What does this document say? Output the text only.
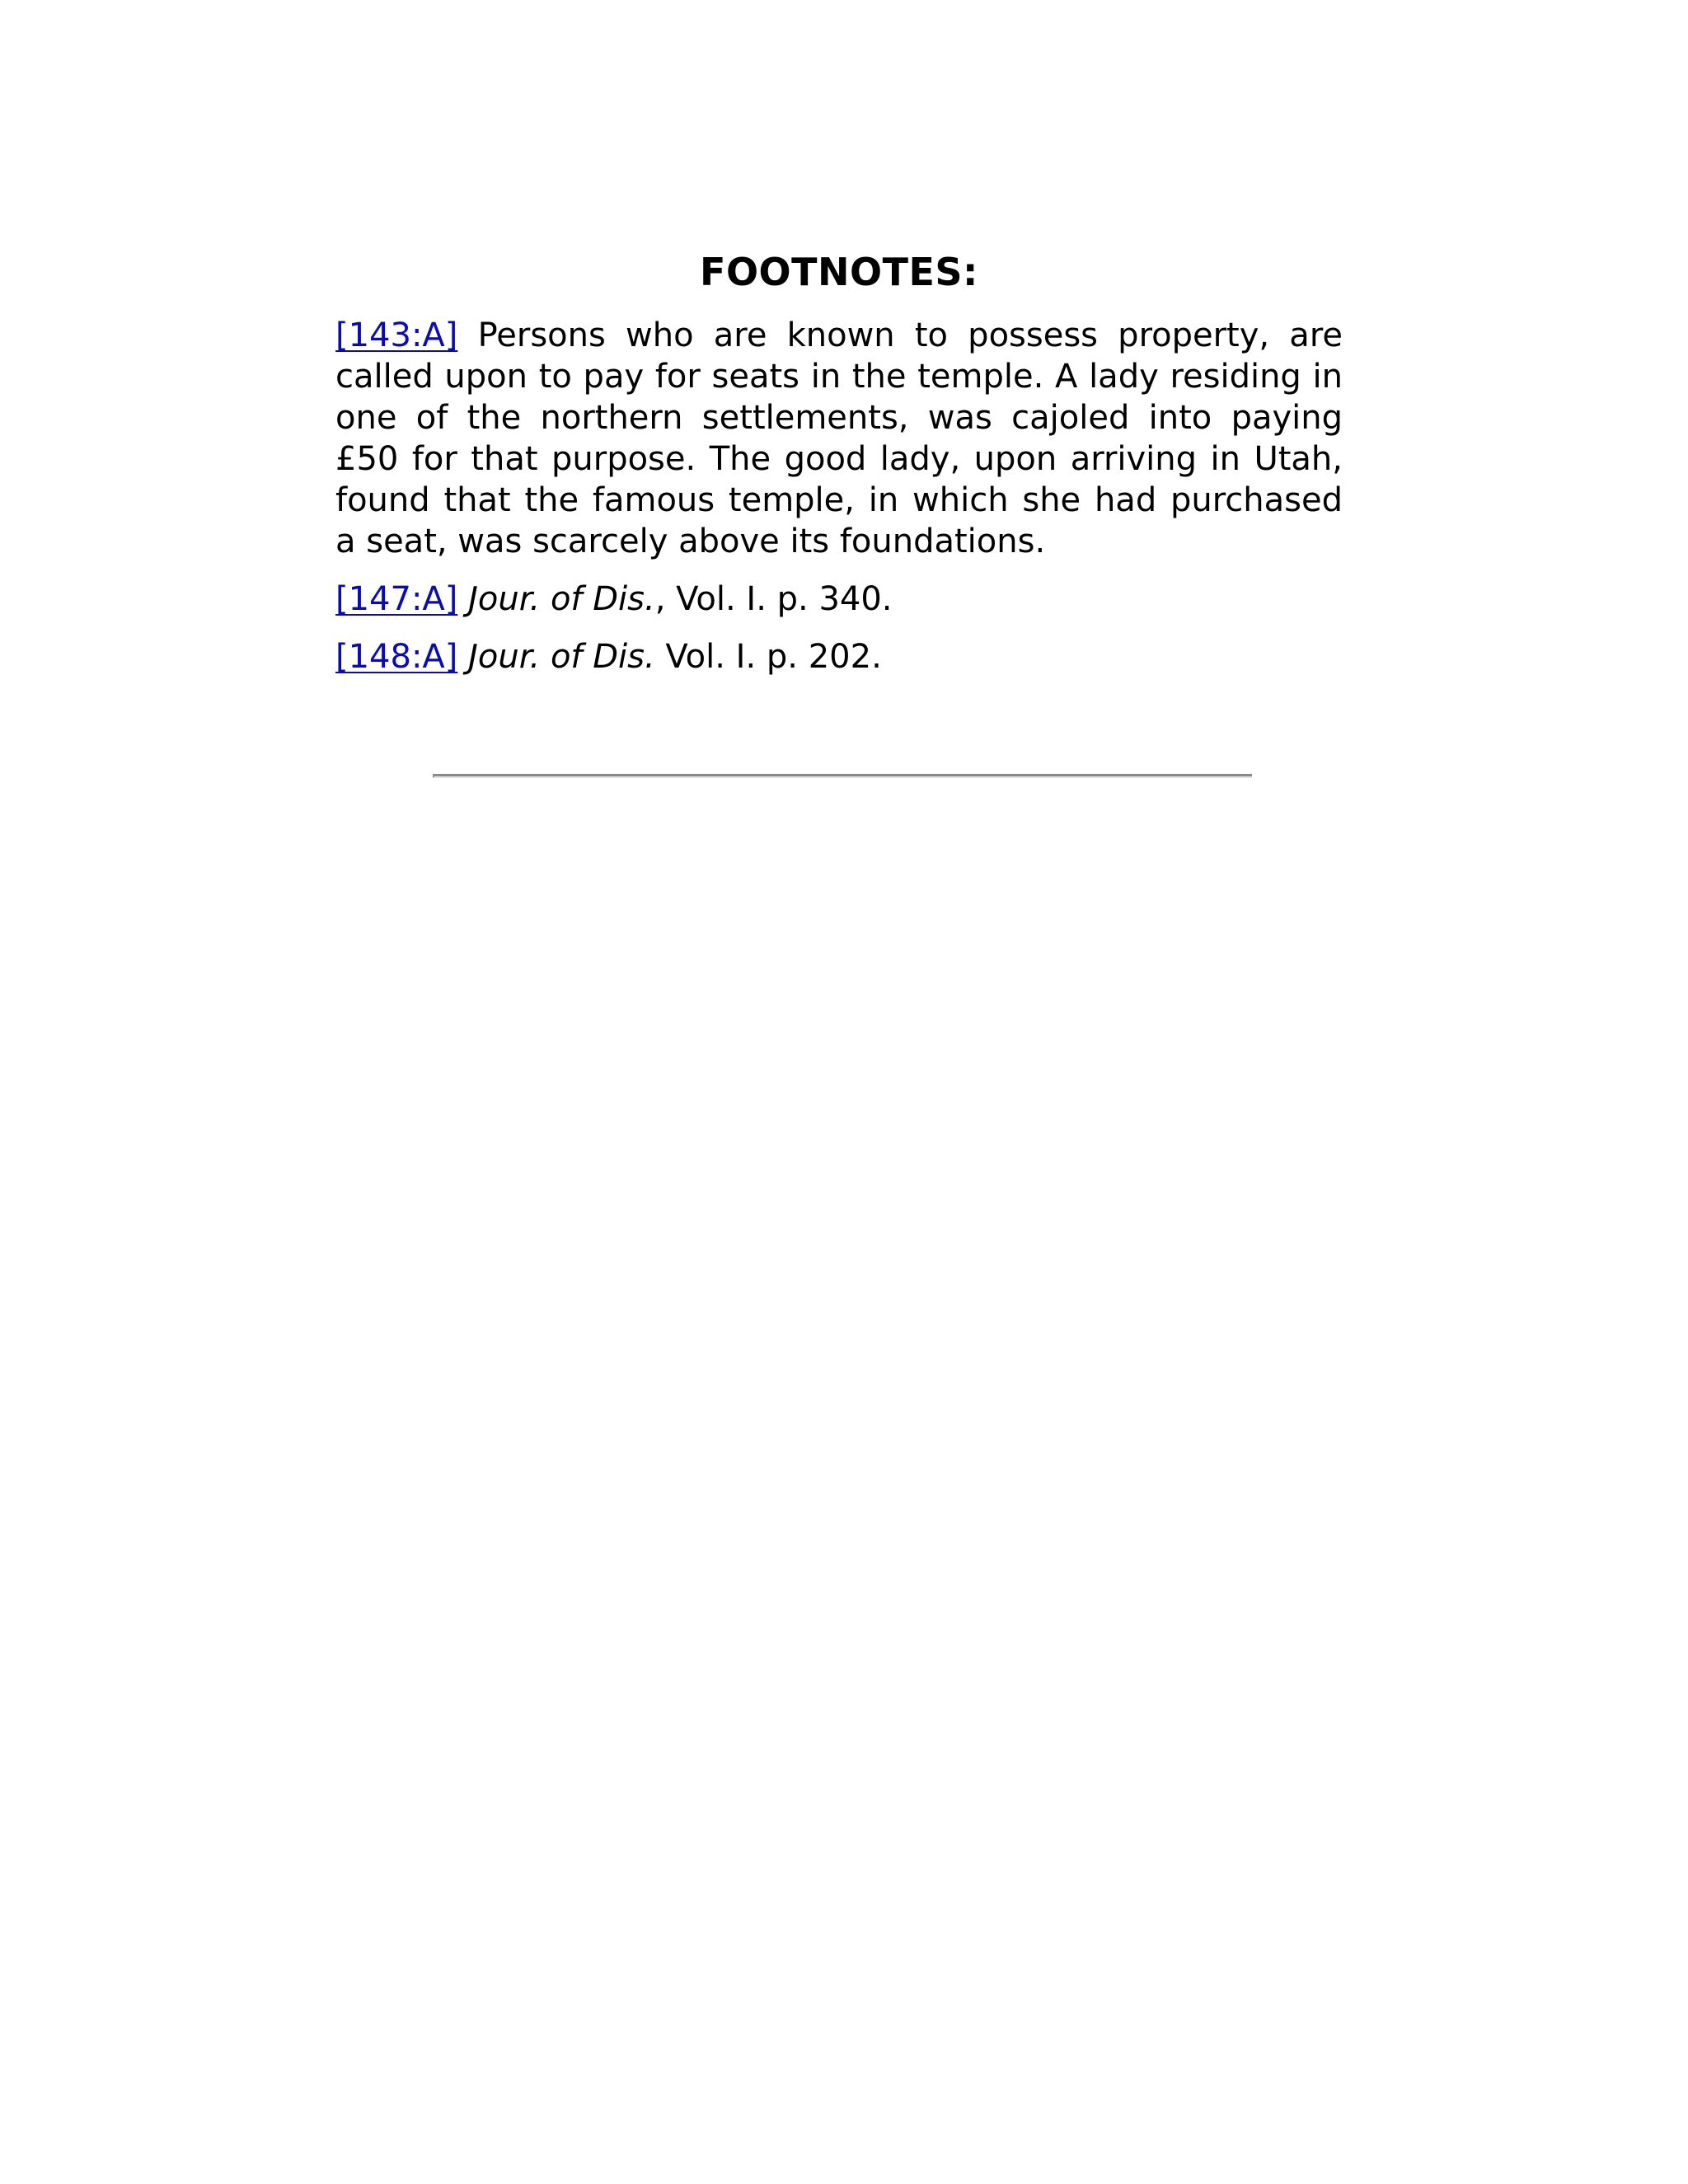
FOOTNOTES:

[143:A] Persons who are known to possess property, are called upon to pay for seats in the temple. A lady residing in one of the northern settlements, was cajoled into paying £50 for that purpose. The good lady, upon arriving in Utah, found that the famous temple, in which she had purchased a seat, was scarcely above its foundations.

[147:A] Jour. of Dis., Vol. I. p. 340.

[148:A] Jour. of Dis. Vol. I. p. 202.
